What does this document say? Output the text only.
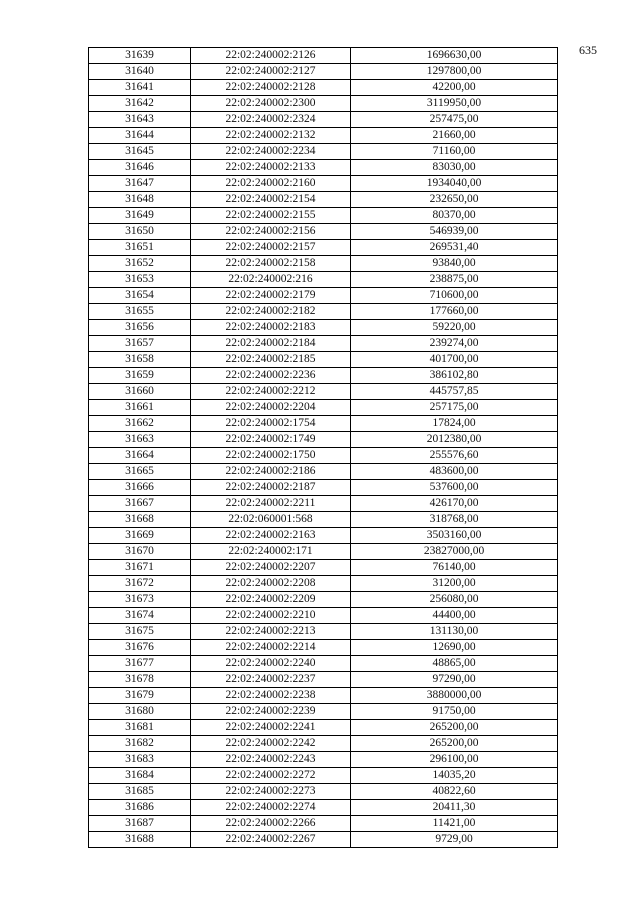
635
31639	22:02:240002:2126	1696630,00
31640	22:02:240002:2127	1297800,00
31641	22:02:240002:2128	42200,00
31642	22:02:240002:2300	3119950,00
31643	22:02:240002:2324	257475,00
31644	22:02:240002:2132	21660,00
31645	22:02:240002:2234	71160,00
31646	22:02:240002:2133	83030,00
31647	22:02:240002:2160	1934040,00
31648	22:02:240002:2154	232650,00
31649	22:02:240002:2155	80370,00
31650	22:02:240002:2156	546939,00
31651	22:02:240002:2157	269531,40
31652	22:02:240002:2158	93840,00
31653	22:02:240002:216	238875,00
31654	22:02:240002:2179	710600,00
31655	22:02:240002:2182	177660,00
31656	22:02:240002:2183	59220,00
31657	22:02:240002:2184	239274,00
31658	22:02:240002:2185	401700,00
31659	22:02:240002:2236	386102,80
31660	22:02:240002:2212	445757,85
31661	22:02:240002:2204	257175,00
31662	22:02:240002:1754	17824,00
31663	22:02:240002:1749	2012380,00
31664	22:02:240002:1750	255576,60
31665	22:02:240002:2186	483600,00
31666	22:02:240002:2187	537600,00
31667	22:02:240002:2211	426170,00
31668	22:02:060001:568	318768,00
31669	22:02:240002:2163	3503160,00
31670	22:02:240002:171	23827000,00
31671	22:02:240002:2207	76140,00
31672	22:02:240002:2208	31200,00
31673	22:02:240002:2209	256080,00
31674	22:02:240002:2210	44400,00
31675	22:02:240002:2213	131130,00
31676	22:02:240002:2214	12690,00
31677	22:02:240002:2240	48865,00
31678	22:02:240002:2237	97290,00
31679	22:02:240002:2238	3880000,00
31680	22:02:240002:2239	91750,00
31681	22:02:240002:2241	265200,00
31682	22:02:240002:2242	265200,00
31683	22:02:240002:2243	296100,00
31684	22:02:240002:2272	14035,20
31685	22:02:240002:2273	40822,60
31686	22:02:240002:2274	20411,30
31687	22:02:240002:2266	11421,00
31688	22:02:240002:2267	9729,00
